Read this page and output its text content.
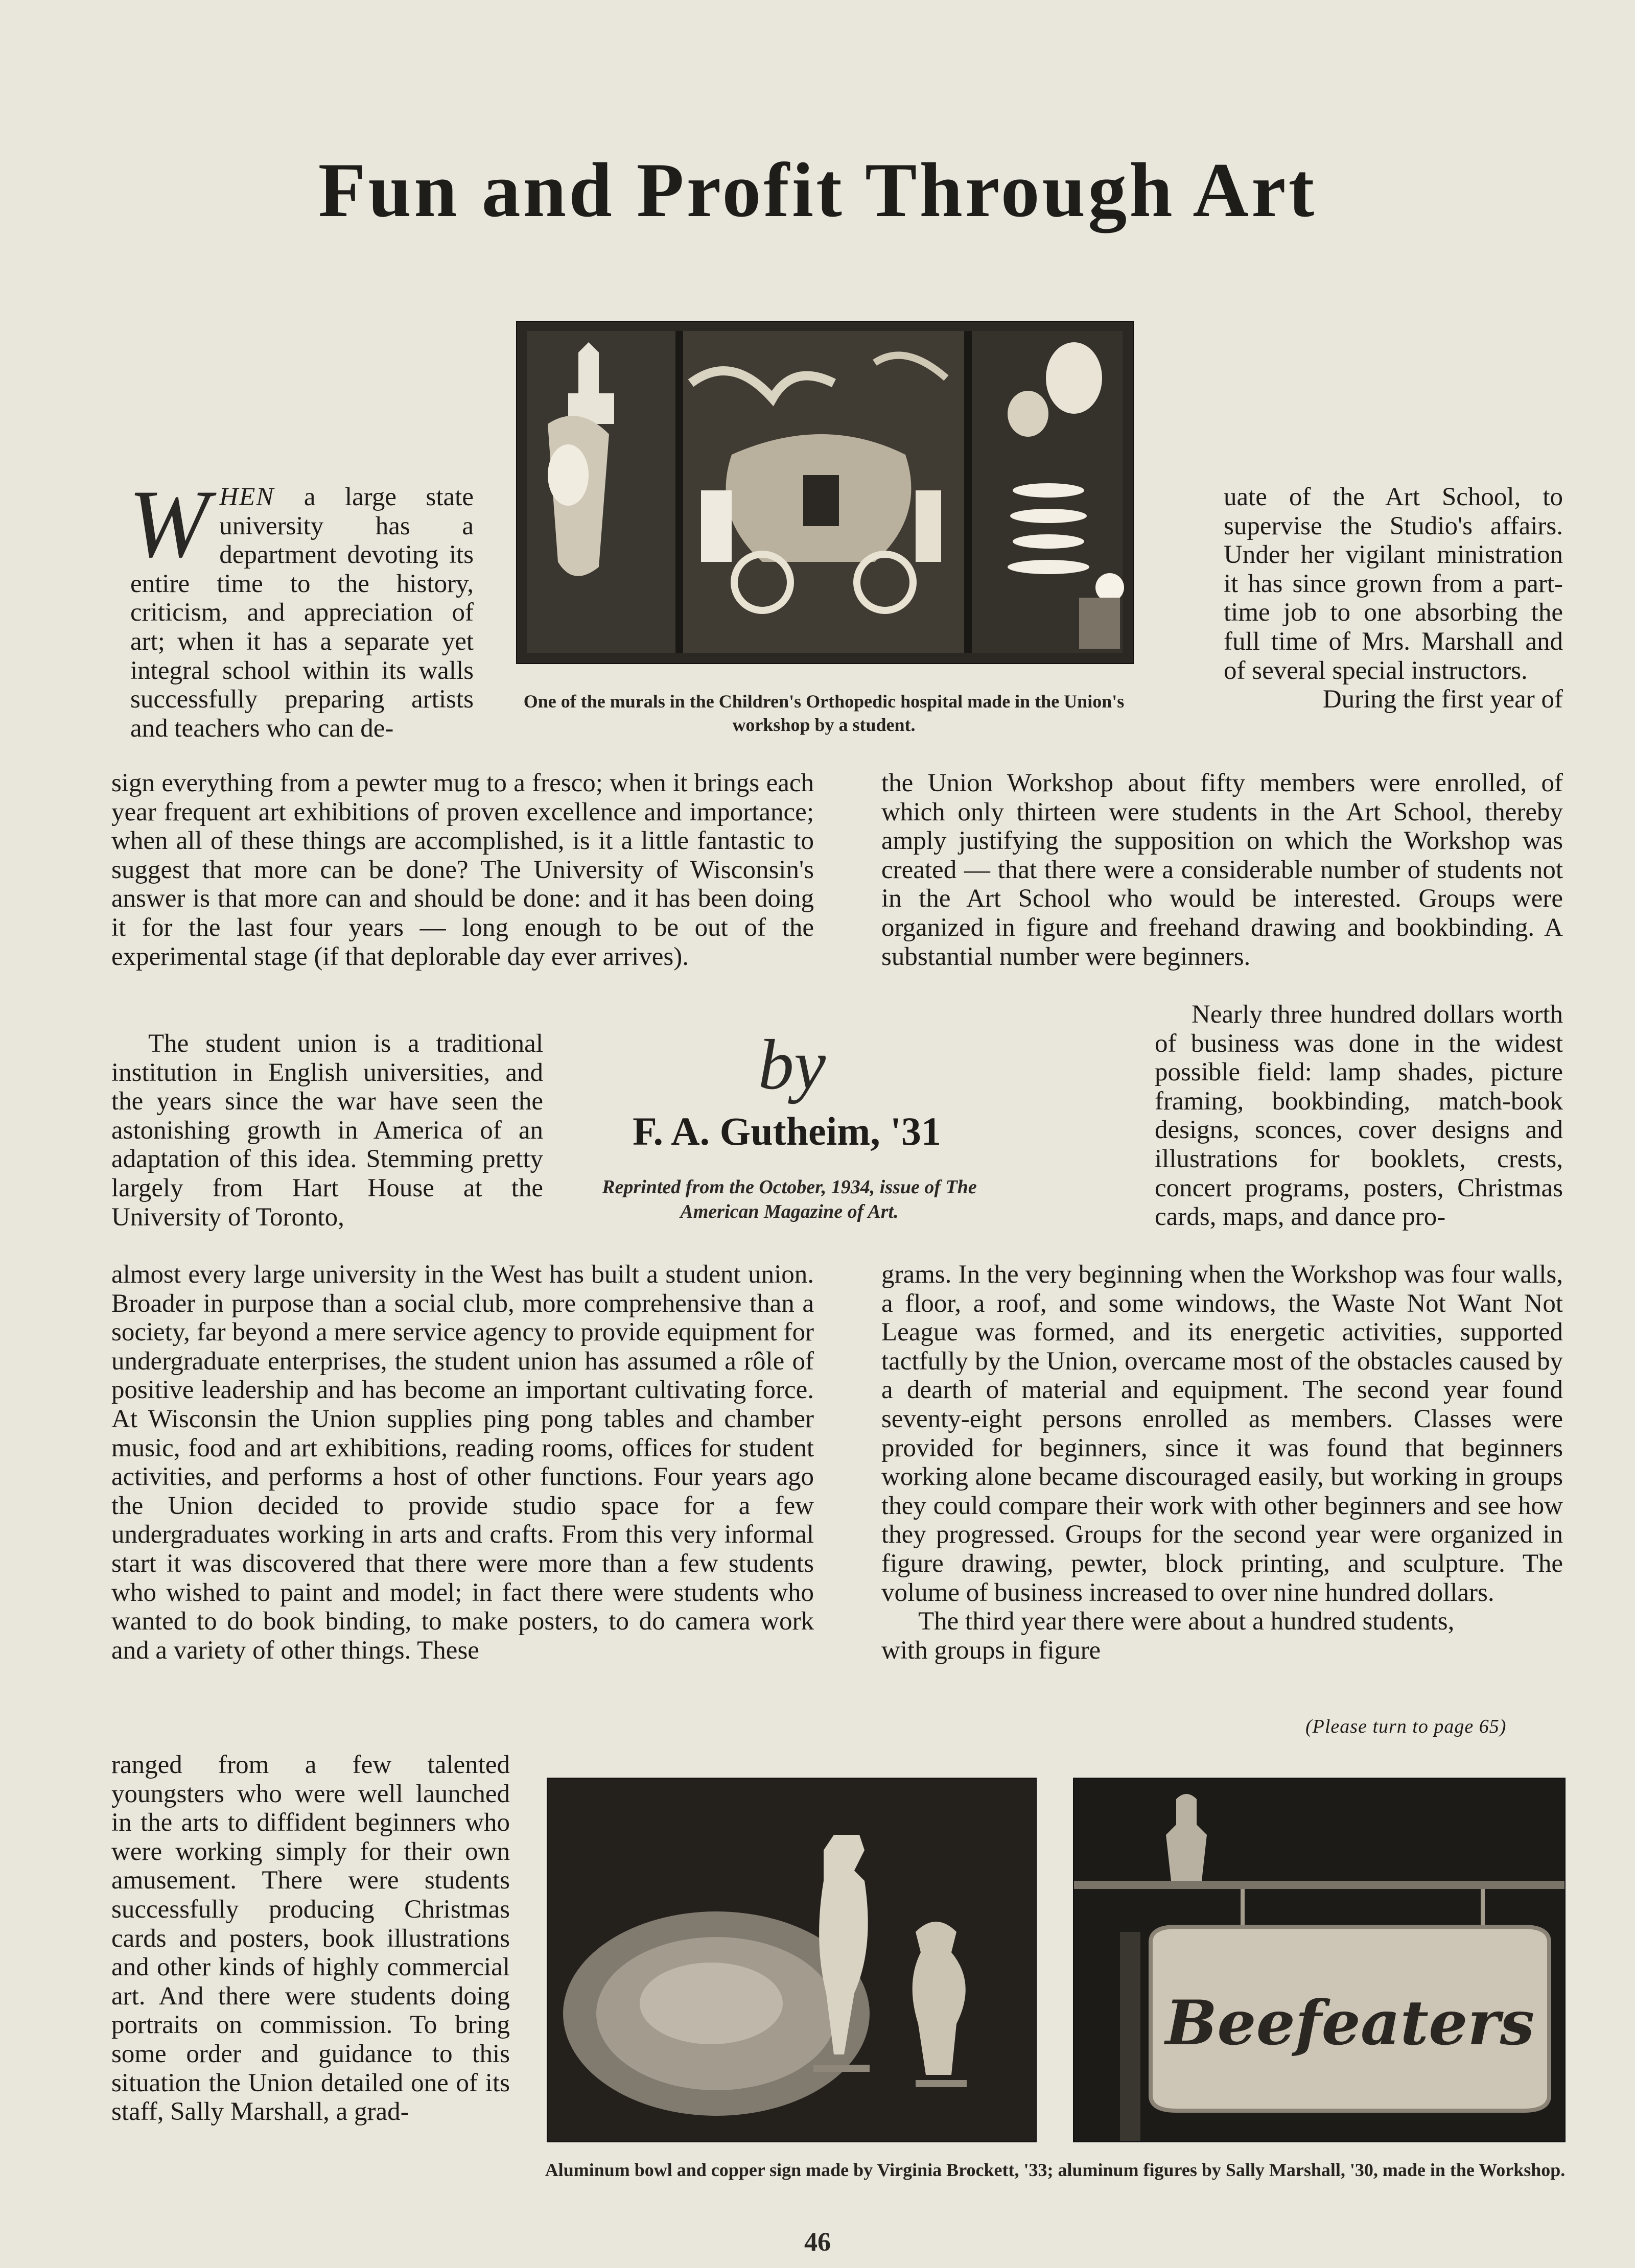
Fun and Profit Through Art
One of the murals in the Children's Orthopedic hospital made in the Union's workshop by a student.

WHEN a large state university has a department devoting its entire time to the history, criticism, and appreciation of art; when it has a separate yet integral school within its walls successfully preparing artists and teachers who can de-

sign everything from a pewter mug to a fresco; when it brings each year frequent art exhibitions of proven excellence and importance; when all of these things are accomplished, is it a little fantastic to suggest that more can be done? The University of Wisconsin's answer is that more can and should be done: and it has been doing it for the last four years — long enough to be out of the experimental stage (if that deplorable day ever arrives).

The student union is a traditional institution in English universities, and the years since the war have seen the astonishing growth in America of an adaptation of this idea. Stemming pretty largely from Hart House at the University of Toronto,

almost every large university in the West has built a student union. Broader in purpose than a social club, more comprehensive than a society, far beyond a mere service agency to provide equipment for undergraduate enterprises, the student union has assumed a rôle of positive leadership and has become an important cultivating force. At Wisconsin the Union supplies ping pong tables and chamber music, food and art exhibitions, reading rooms, offices for student activities, and performs a host of other functions. Four years ago the Union decided to provide studio space for a few undergraduates working in arts and crafts. From this very informal start it was discovered that there were more than a few students who wished to paint and model; in fact there were students who wanted to do book binding, to make posters, to do camera work and a variety of other things. These

ranged from a few talented youngsters who were well launched in the arts to diffident beginners who were working simply for their own amusement. There were students successfully producing Christmas cards and posters, book illustrations and other kinds of highly commercial art. And there were students doing portraits on commission. To bring some order and guidance to this situation the Union detailed one of its staff, Sally Marshall, a grad-

uate of the Art School, to supervise the Studio's affairs. Under her vigilant ministration it has since grown from a part-time job to one absorbing the full time of Mrs. Marshall and of several special instructors.

During the first year of

the Union Workshop about fifty members were enrolled, of which only thirteen were students in the Art School, thereby amply justifying the supposition on which the Workshop was created — that there were a considerable number of students not in the Art School who would be interested. Groups were organized in figure and freehand drawing and bookbinding. A substantial number were beginners.

Nearly three hundred dollars worth of business was done in the widest possible field: lamp shades, picture framing, bookbinding, match-book designs, sconces, cover designs and illustrations for booklets, crests, concert programs, posters, Christmas cards, maps, and dance pro-

grams. In the very beginning when the Workshop was four walls, a floor, a roof, and some windows, the Waste Not Want Not League was formed, and its energetic activities, supported tactfully by the Union, overcame most of the obstacles caused by a dearth of material and equipment. The second year found seventy-eight persons enrolled as members. Classes were provided for beginners, since it was found that beginners working alone became discouraged easily, but working in groups they could compare their work with other beginners and see how they progressed. Groups for the second year were organized in figure drawing, pewter, block printing, and sculpture. The volume of business increased to over nine hundred dollars.

The third year there were about a hundred students,

with groups in figure

(Please turn to page 65)
by
F. A. Gutheim, '31
Reprinted from the October, 1934, issue of The American Magazine of Art.
Beefeaters
Aluminum bowl and copper sign made by Virginia Brockett, '33; aluminum figures by Sally Marshall, '30, made in the Workshop.
46
